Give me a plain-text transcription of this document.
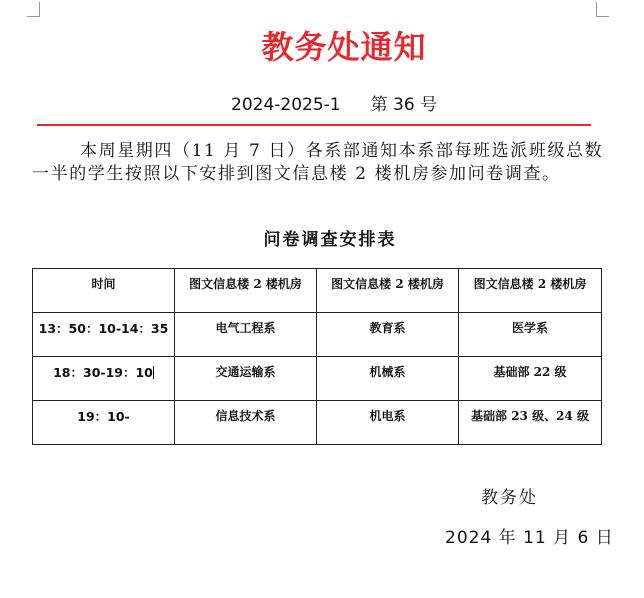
教务处通知
2024-2025-1 第 36 号
本周星期四（11 月 7 日）各系部通知本系部每班选派班级总数一半的学生按照以下安排到图文信息楼 2 楼机房参加问卷调查。
问卷调查安排表
时间	图文信息楼 2 楼机房	图文信息楼 2 楼机房	图文信息楼 2 楼机房
13：50：10-14：35	电气工程系	教育系	医学系
18：30-19：10	交通运输系	机械系	基础部 22 级
19：10-	信息技术系	机电系	基础部 23 级、24 级
教务处
2024 年 11 月 6 日
